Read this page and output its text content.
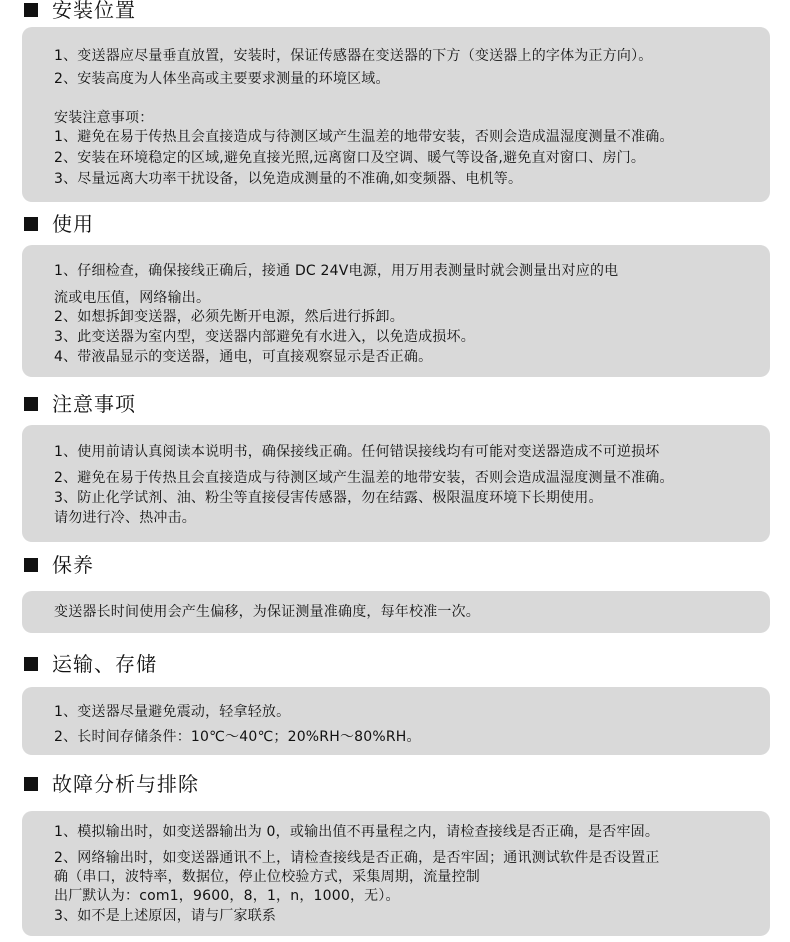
安装位置
1、变送器应尽量垂直放置，安装时，保证传感器在变送器的下方（变送器上的字体为正方向）。
2、安装高度为人体坐高或主要要求测量的环境区域。
安装注意事项：
1、避免在易于传热且会直接造成与待测区域产生温差的地带安装，否则会造成温湿度测量不准确。
2、安装在环境稳定的区域,避免直接光照,远离窗口及空调、暖气等设备,避免直对窗口、房门。
3、尽量远离大功率干扰设备，以免造成测量的不准确,如变频器、电机等。
使用
1、仔细检查，确保接线正确后，接通 DC 24V电源，用万用表测量时就会测量出对应的电
流或电压值，网络输出。
2、如想拆卸变送器，必须先断开电源，然后进行拆卸。
3、此变送器为室内型，变送器内部避免有水进入，以免造成损坏。
4、带液晶显示的变送器，通电，可直接观察显示是否正确。
注意事项
1、使用前请认真阅读本说明书，确保接线正确。任何错误接线均有可能对变送器造成不可逆损坏
2、避免在易于传热且会直接造成与待测区域产生温差的地带安装，否则会造成温湿度测量不准确。
3、防止化学试剂、油、粉尘等直接侵害传感器，勿在结露、极限温度环境下长期使用。
请勿进行冷、热冲击。
保养
变送器长时间使用会产生偏移，为保证测量准确度，每年校准一次。
运输、存储
1、变送器尽量避免震动，轻拿轻放。
2、长时间存储条件：10℃～40℃；20%RH～80%RH。
故障分析与排除
1、模拟输出时，如变送器输出为 0，或输出值不再量程之内，请检查接线是否正确，是否牢固。
2、网络输出时，如变送器通讯不上，请检查接线是否正确，是否牢固；通讯测试软件是否设置正
确（串口，波特率，数据位，停止位校验方式，采集周期，流量控制
出厂默认为：com1，9600，8，1，n，1000，无）。
3、如不是上述原因，请与厂家联系
